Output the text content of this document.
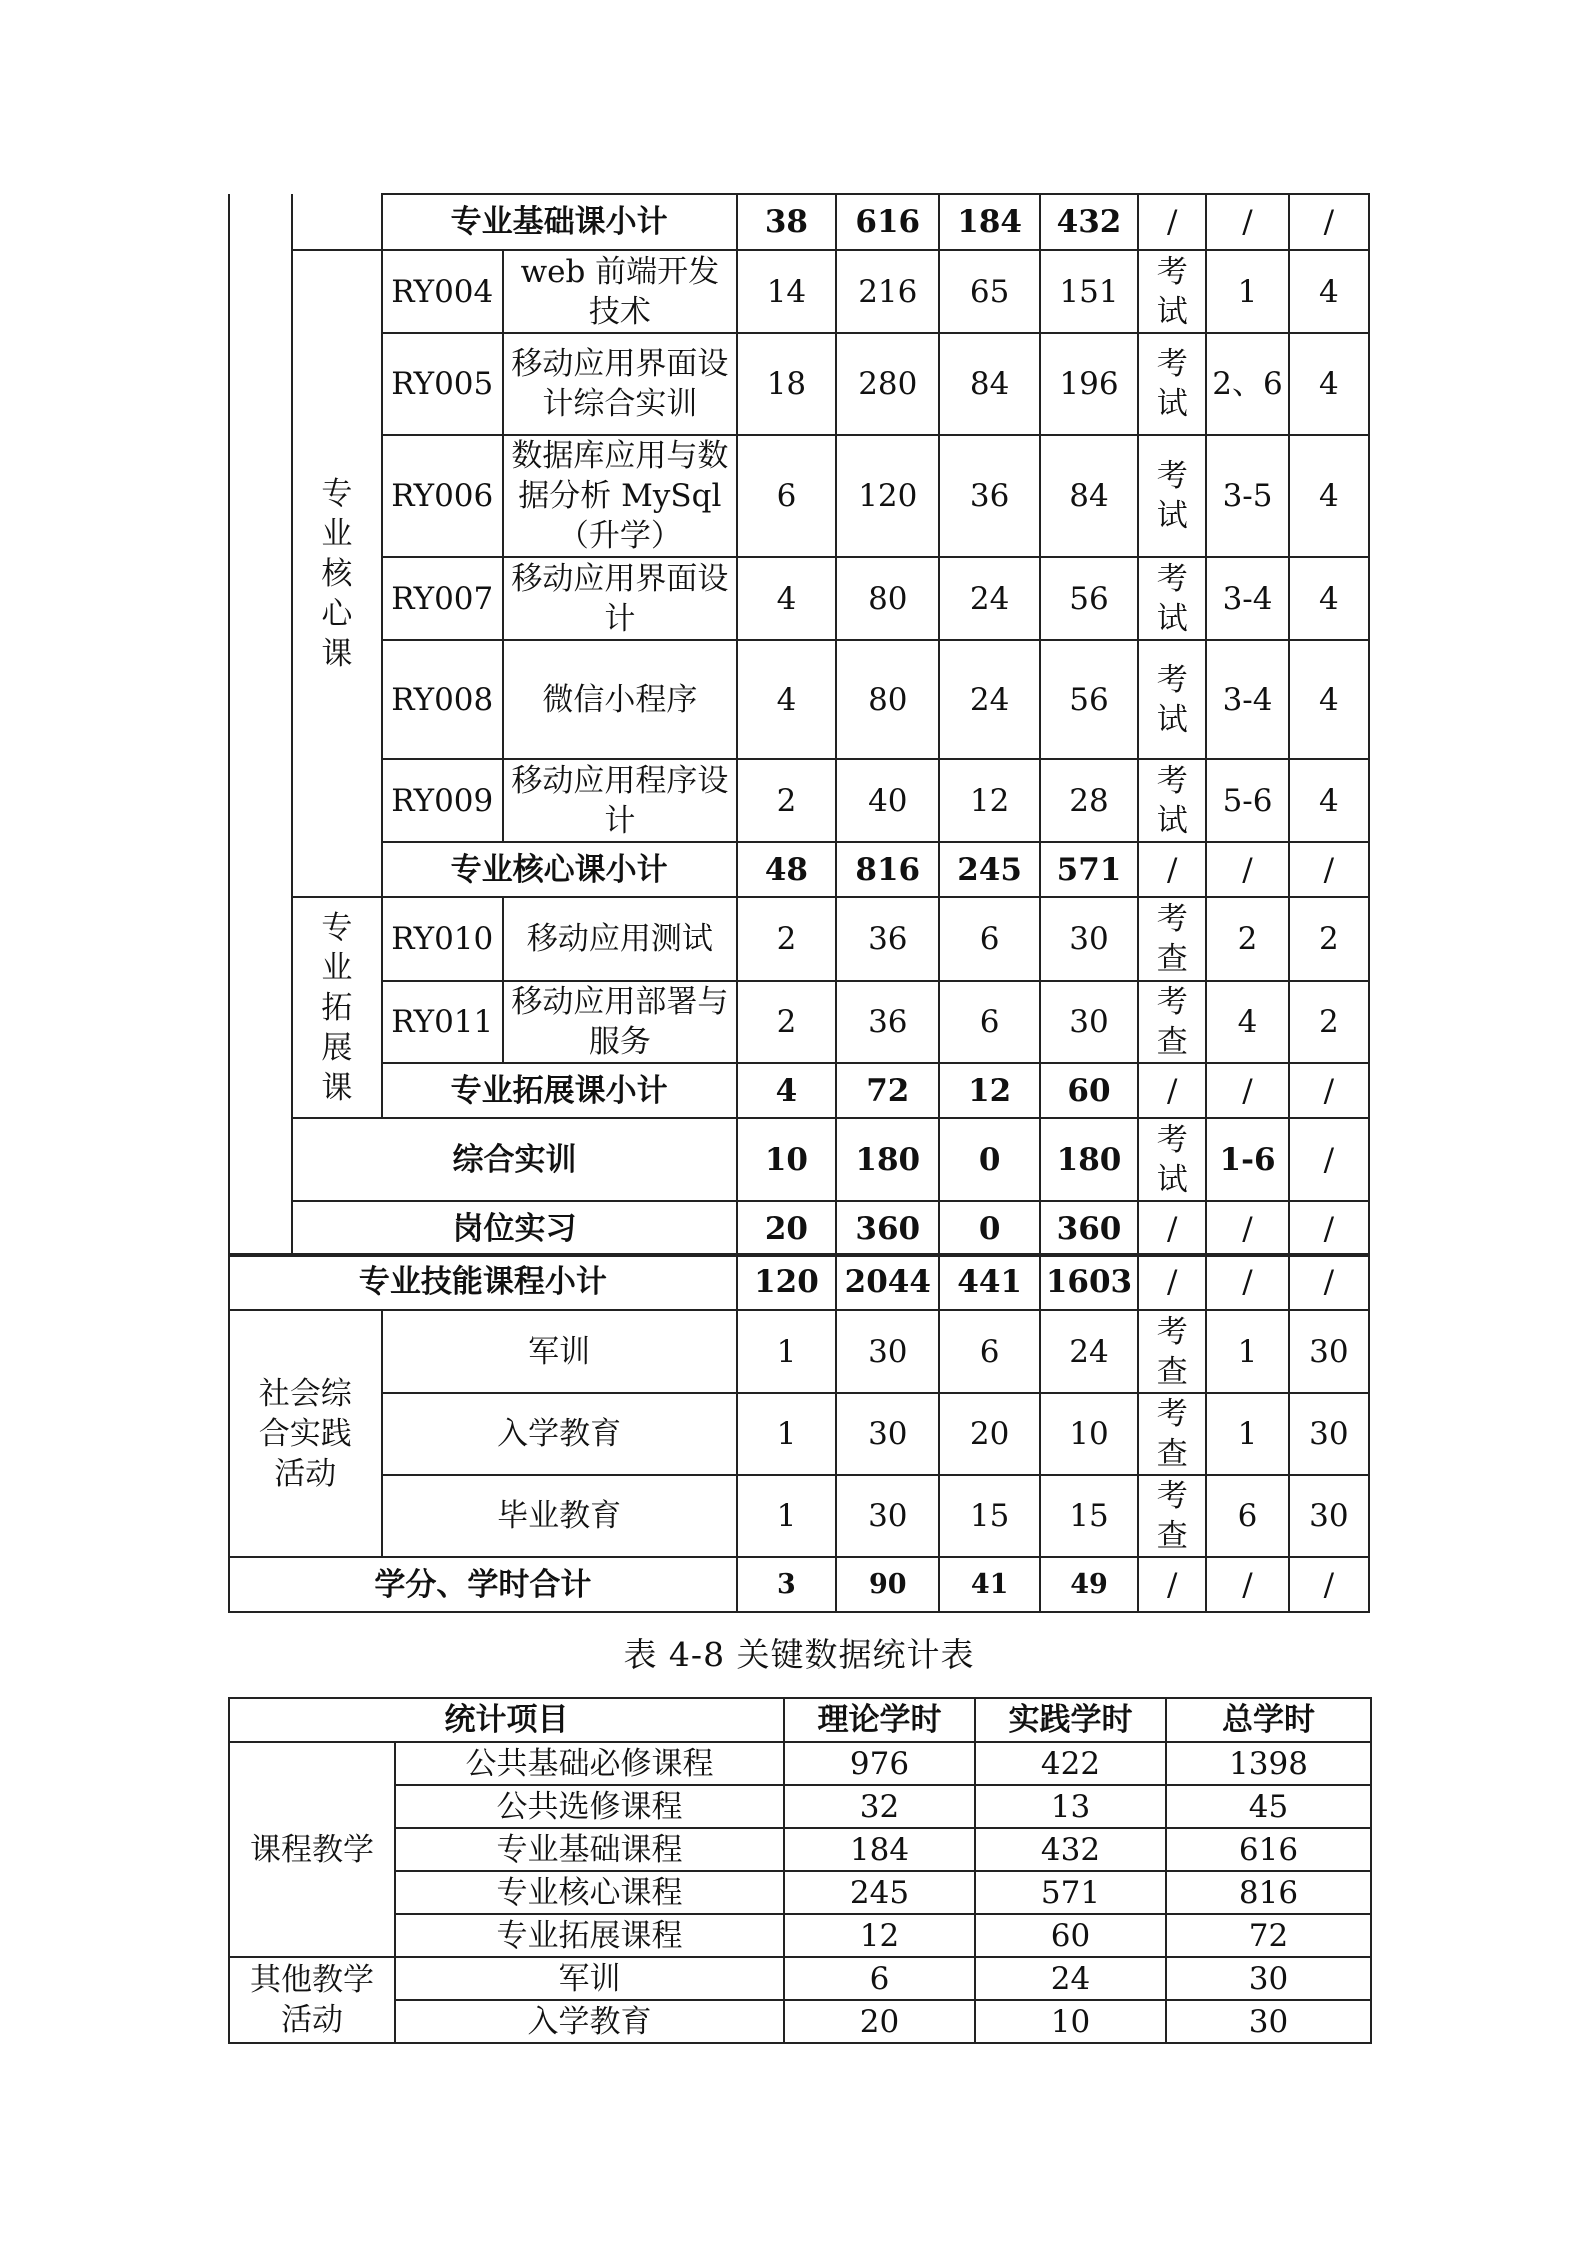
		专业基础课小计		38	616	184	432	/	/	/
	专业核心课	RY004	web 前端开发技术	14	216	65	151	考试	1	4
		RY005	移动应用界面设计综合实训	18	280	84	196	考试	2、6	4
		RY006	数据库应用与数据分析 MySql（升学）	6	120	36	84	考试	3-5	4
		RY007	移动应用界面设计	4	80	24	56	考试	3-4	4
		RY008	微信小程序	4	80	24	56	考试	3-4	4
		RY009	移动应用程序设计	2	40	12	28	考试	5-6	4
		专业核心课小计		48	816	245	571	/	/	/
	专业拓展课	RY010	移动应用测试	2	36	6	30	考查	2	2
		RY011	移动应用部署与服务	2	36	6	30	考查	4	2
		专业拓展课小计		4	72	12	60	/	/	/
	综合实训			10	180	0	180	考试	1-6	/
	岗位实习			20	360	0	360	/	/	/
专业技能课程小计		120	2044	441	1603	/	/	/
社会综合实践活动	军训	1	30	6	24	考查	1	30
	入学教育	1	30	20	10	考查	1	30
	毕业教育	1	30	15	15	考查	6	30
学分、学时合计		3	90	41	49	/	/	/
表 4-8 关键数据统计表
统计项目		理论学时	实践学时	总学时
课程教学	公共基础必修课程	976	422	1398
	公共选修课程	32	13	45
	专业基础课程	184	432	616
	专业核心课程	245	571	816
	专业拓展课程	12	60	72
其他教学活动	军训	6	24	30
	入学教育	20	10	30
